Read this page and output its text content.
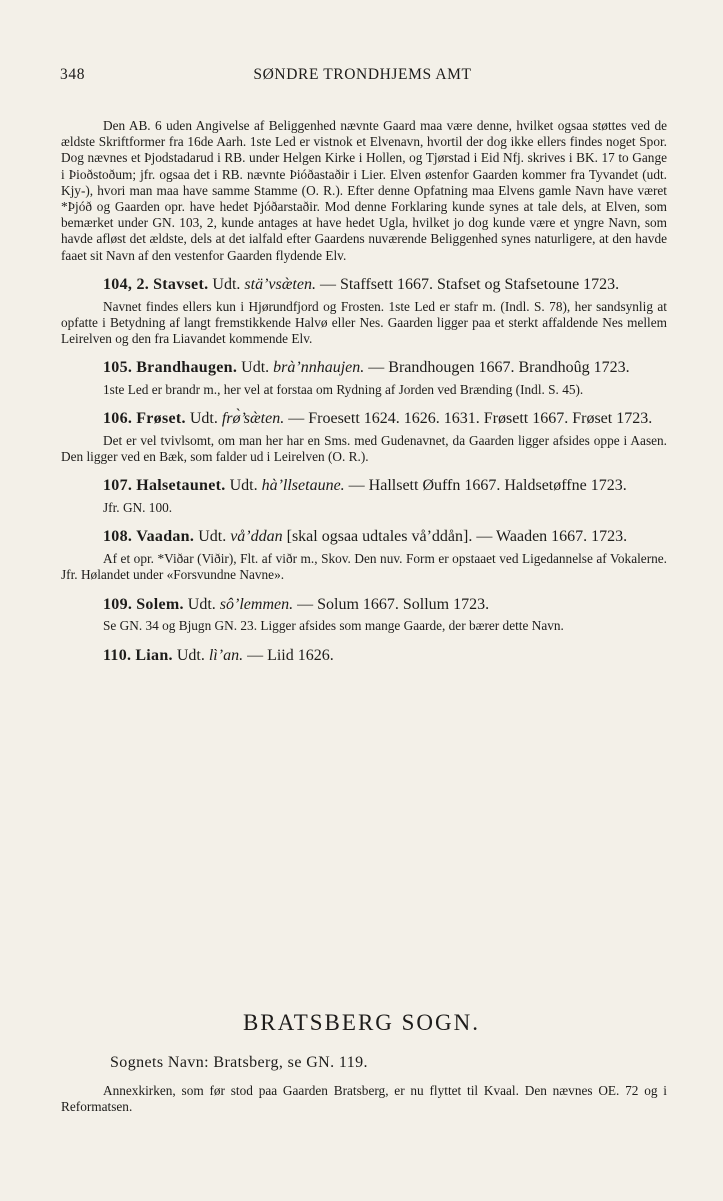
348	SØNDRE TRONDHJEMS AMT

Den AB. 6 uden Angivelse af Beliggenhed nævnte Gaard maa være denne, hvilket ogsaa støttes ved de ældste Skriftformer fra 16de Aarh. 1ste Led er vistnok et Elvenavn, hvortil der dog ikke ellers findes noget Spor. Dog nævnes et Þjodstadarud i RB. under Helgen Kirke i Hollen, og Tjørstad i Eid Nfj. skrives i BK. 17 to Gange i Þioðstoðum; jfr. ogsaa det i RB. nævnte Þióðastaðir i Lier. Elven østenfor Gaarden kommer fra Tyvandet (udt. Kjy-), hvori man maa have samme Stamme (O. R.). Efter denne Opfatning maa Elvens gamle Navn have været *Þjóð og Gaarden opr. have hedet Þjóðarstaðir. Mod denne Forklaring kunde synes at tale dels, at Elven, som bemærket under GN. 103, 2, kunde antages at have hedet Ugla, hvilket jo dog kunde være et yngre Navn, som havde afløst det ældste, dels at det ialfald efter Gaardens nuværende Beliggenhed synes naturligere, at den havde faaet sit Navn af den vestenfor Gaarden flydende Elv.

104, 2. Stavset. Udt. stä’vsæ̀ten. — Staffsett 1667. Stafset og Stafsetoune 1723.

Navnet findes ellers kun i Hjørundfjord og Frosten. 1ste Led er stafr m. (Indl. S. 78), her sandsynlig at opfatte i Betydning af langt fremstikkende Halvø eller Nes. Gaarden ligger paa et sterkt affaldende Nes mellem Leirelven og den fra Liavandet kommende Elv.

105. Brandhaugen. Udt. brà’nnhaujen. — Brandhougen 1667. Brandhoûg 1723.

1ste Led er brandr m., her vel at forstaa om Rydning af Jorden ved Brænding (Indl. S. 45).

106. Frøset. Udt. frø̀’sæ̀ten. — Froesett 1624. 1626. 1631. Frøsett 1667. Frøset 1723.

Det er vel tvivlsomt, om man her har en Sms. med Gudenavnet, da Gaarden ligger afsides oppe i Aasen. Den ligger ved en Bæk, som falder ud i Leirelven (O. R.).

107. Halsetaunet. Udt. hà’llsetaune. — Hallsett Øuffn 1667. Haldsetøffne 1723.

Jfr. GN. 100.

108. Vaadan. Udt. vå’ddan [skal ogsaa udtales vå’ddån]. — Waaden 1667. 1723.

Af et opr. *Viðar (Viðir), Flt. af viðr m., Skov. Den nuv. Form er opstaaet ved Ligedannelse af Vokalerne. Jfr. Hølandet under «Forsvundne Navne».

109. Solem. Udt. sô’lemmen. — Solum 1667. Sollum 1723.

Se GN. 34 og Bjugn GN. 23. Ligger afsides som mange Gaarde, der bærer dette Navn.

110. Lian. Udt. lì’an. — Liid 1626.

BRATSBERG SOGN.
Sognets Navn: Bratsberg, se GN. 119.

Annexkirken, som før stod paa Gaarden Bratsberg, er nu flyttet til Kvaal. Den nævnes OE. 72 og i Reformatsen.
